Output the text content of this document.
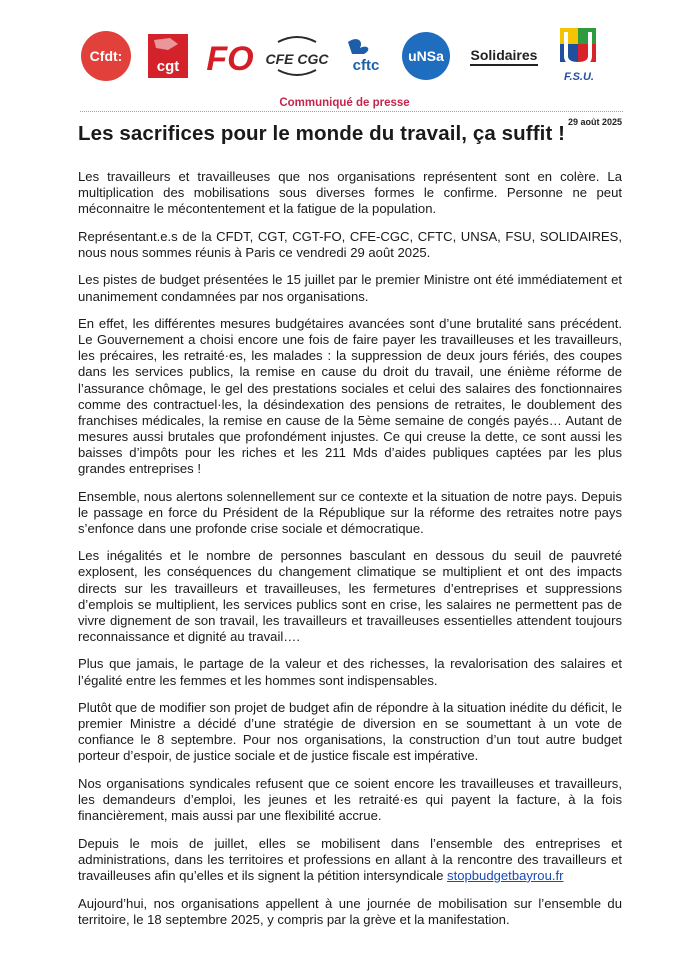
Cfdt:
cgt FO CFE CGC cftc
uNSa Solidaires
F.S.U.
Communiqué de presse
29 août 2025
Les sacrifices pour le monde du travail, ça suffit !

Les travailleurs et travailleuses que nos organisations représentent sont en colère. La multiplication des mobilisations sous diverses formes le confirme. Personne ne peut méconnaitre le mécontentement et la fatigue de la population.

Représentant.e.s de la CFDT, CGT, CGT-FO, CFE-CGC, CFTC, UNSA, FSU, SOLIDAIRES, nous nous sommes réunis à Paris ce vendredi 29 août 2025.

Les pistes de budget présentées le 15 juillet par le premier Ministre ont été immédiatement et unanimement condamnées par nos organisations.

En effet, les différentes mesures budgétaires avancées sont d’une brutalité sans précédent. Le Gouvernement a choisi encore une fois de faire payer les travailleuses et les travailleurs, les précaires, les retraité·es, les malades : la suppression de deux jours fériés, des coupes dans les services publics, la remise en cause du droit du travail, une énième réforme de l’assurance chômage, le gel des prestations sociales et celui des salaires des fonctionnaires comme des contractuel·les, la désindexation des pensions de retraites, le doublement des franchises médicales, la remise en cause de la 5ème semaine de congés payés… Autant de mesures aussi brutales que profondément injustes. Ce qui creuse la dette, ce sont aussi les baisses d’impôts pour les riches et les 211 Mds d’aides publiques captées par les plus grandes entreprises !

Ensemble, nous alertons solennellement sur ce contexte et la situation de notre pays. Depuis le passage en force du Président de la République sur la réforme des retraites notre pays s’enfonce dans une profonde crise sociale et démocratique.

Les inégalités et le nombre de personnes basculant en dessous du seuil de pauvreté explosent, les conséquences du changement climatique se multiplient et ont des impacts directs sur les travailleurs et travailleuses, les fermetures d’entreprises et suppressions d’emplois se multiplient, les services publics sont en crise, les salaires ne permettent pas de vivre dignement de son travail, les travailleurs et travailleuses essentielles attendent toujours reconnaissance et dignité au travail….

Plus que jamais, le partage de la valeur et des richesses, la revalorisation des salaires et l’égalité entre les femmes et les hommes sont indispensables.

Plutôt que de modifier son projet de budget afin de répondre à la situation inédite du déficit, le premier Ministre a décidé d’une stratégie de diversion en se soumettant à un vote de confiance le 8 septembre. Pour nos organisations, la construction d’un tout autre budget porteur d’espoir, de justice sociale et de justice fiscale est impérative.

Nos organisations syndicales refusent que ce soient encore les travailleuses et travailleurs, les demandeurs d’emploi, les jeunes et les retraité·es qui payent la facture, à la fois financièrement, mais aussi par une flexibilité accrue.

Depuis le mois de juillet, elles se mobilisent dans l’ensemble des entreprises et administrations, dans les territoires et professions en allant à la rencontre des travailleurs et travailleuses afin qu’elles et ils signent la pétition intersyndicale stopbudgetbayrou.fr

Aujourd’hui, nos organisations appellent à une journée de mobilisation sur l’ensemble du territoire, le 18 septembre 2025, y compris par la grève et la manifestation.
